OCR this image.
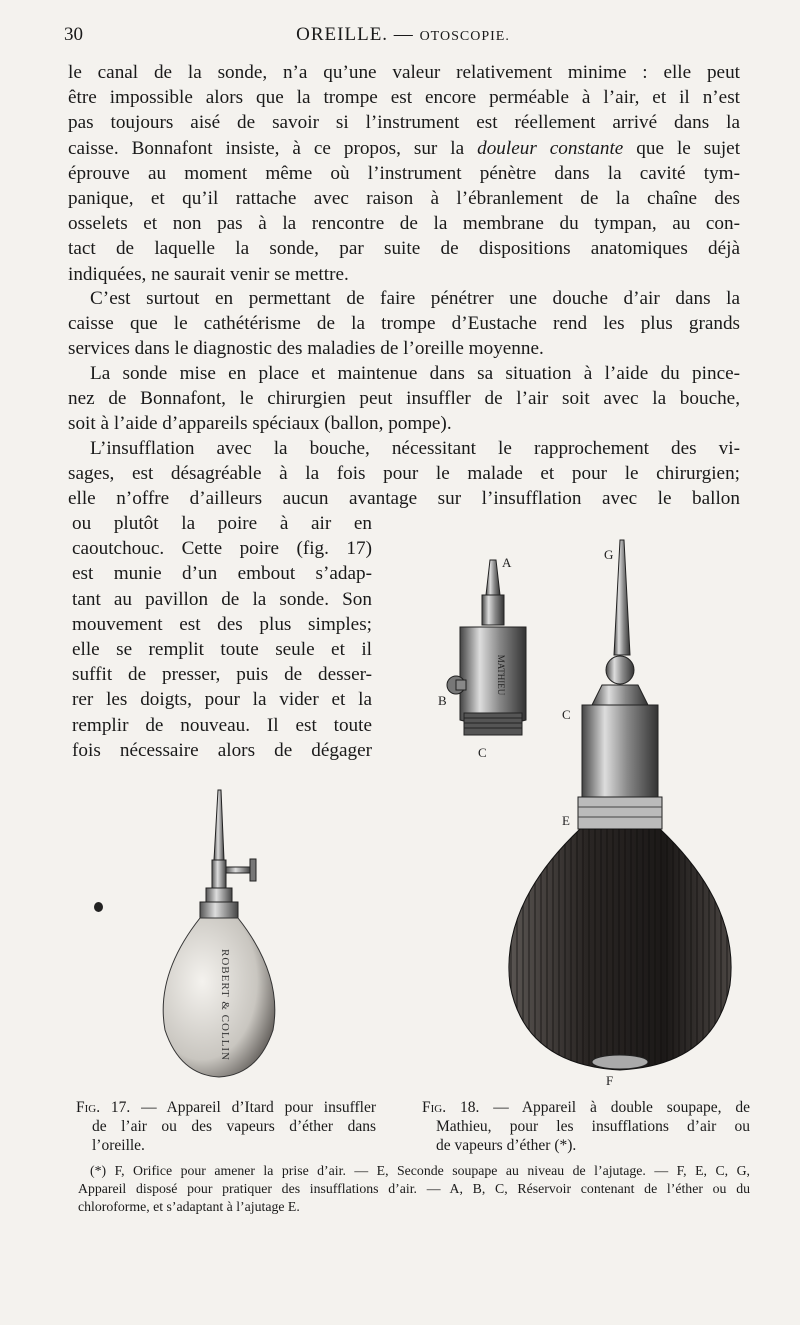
30	OREILLE. — OTOSCOPIE.
le canal de la sonde, n’a qu’une valeur relativement minime : elle peut
être impossible alors que la trompe est encore perméable à l’air, et il n’est
pas toujours aisé de savoir si l’instrument est réellement arrivé dans la
caisse. Bonnafont insiste, à ce propos, sur la douleur constante que le sujet
éprouve au moment même où l’instrument pénètre dans la cavité tym-
panique, et qu’il rattache avec raison à l’ébranlement de la chaîne des
osselets et non pas à la rencontre de la membrane du tympan, au con-
tact de laquelle la sonde, par suite de dispositions anatomiques déjà
indiquées, ne saurait venir se mettre.
C’est surtout en permettant de faire pénétrer une douche d’air dans la
caisse que le cathétérisme de la trompe d’Eustache rend les plus grands
services dans le diagnostic des maladies de l’oreille moyenne.
La sonde mise en place et maintenue dans sa situation à l’aide du pince-
nez de Bonnafont, le chirurgien peut insuffler de l’air soit avec la bouche,
soit à l’aide d’appareils spéciaux (ballon, pompe).
L’insufflation avec la bouche, nécessitant le rapprochement des vi-
sages, est désagréable à la fois pour le malade et pour le chirurgien;
elle n’offre d’ailleurs aucun avantage sur l’insufflation avec le ballon
ou plutôt la poire à air en
caoutchouc. Cette poire (fig. 17)
est munie d’un embout s’adap-
tant au pavillon de la sonde. Son
mouvement est des plus simples;
elle se remplit toute seule et il
suffit de presser, puis de desser-
rer les doigts, pour la vider et la
remplir de nouveau. Il est toute
fois nécessaire alors de dégager
MATHIEU
A
B
C
G
C
E
F
ROBERT & COLLIN
Fig. 17. — Appareil d’Itard pour insuffler
de l’air ou des vapeurs d’éther dans
l’oreille.
Fig. 18. — Appareil à double soupape, de
Mathieu, pour les insufflations d’air ou
de vapeurs d’éther (*).
(*) F, Orifice pour amener la prise d’air. — E, Seconde soupape au niveau de l’ajutage. — F, E, C, G,
Appareil disposé pour pratiquer des insufflations d’air. — A, B, C, Réservoir contenant de l’éther ou du
chloroforme, et s’adaptant à l’ajutage E.
